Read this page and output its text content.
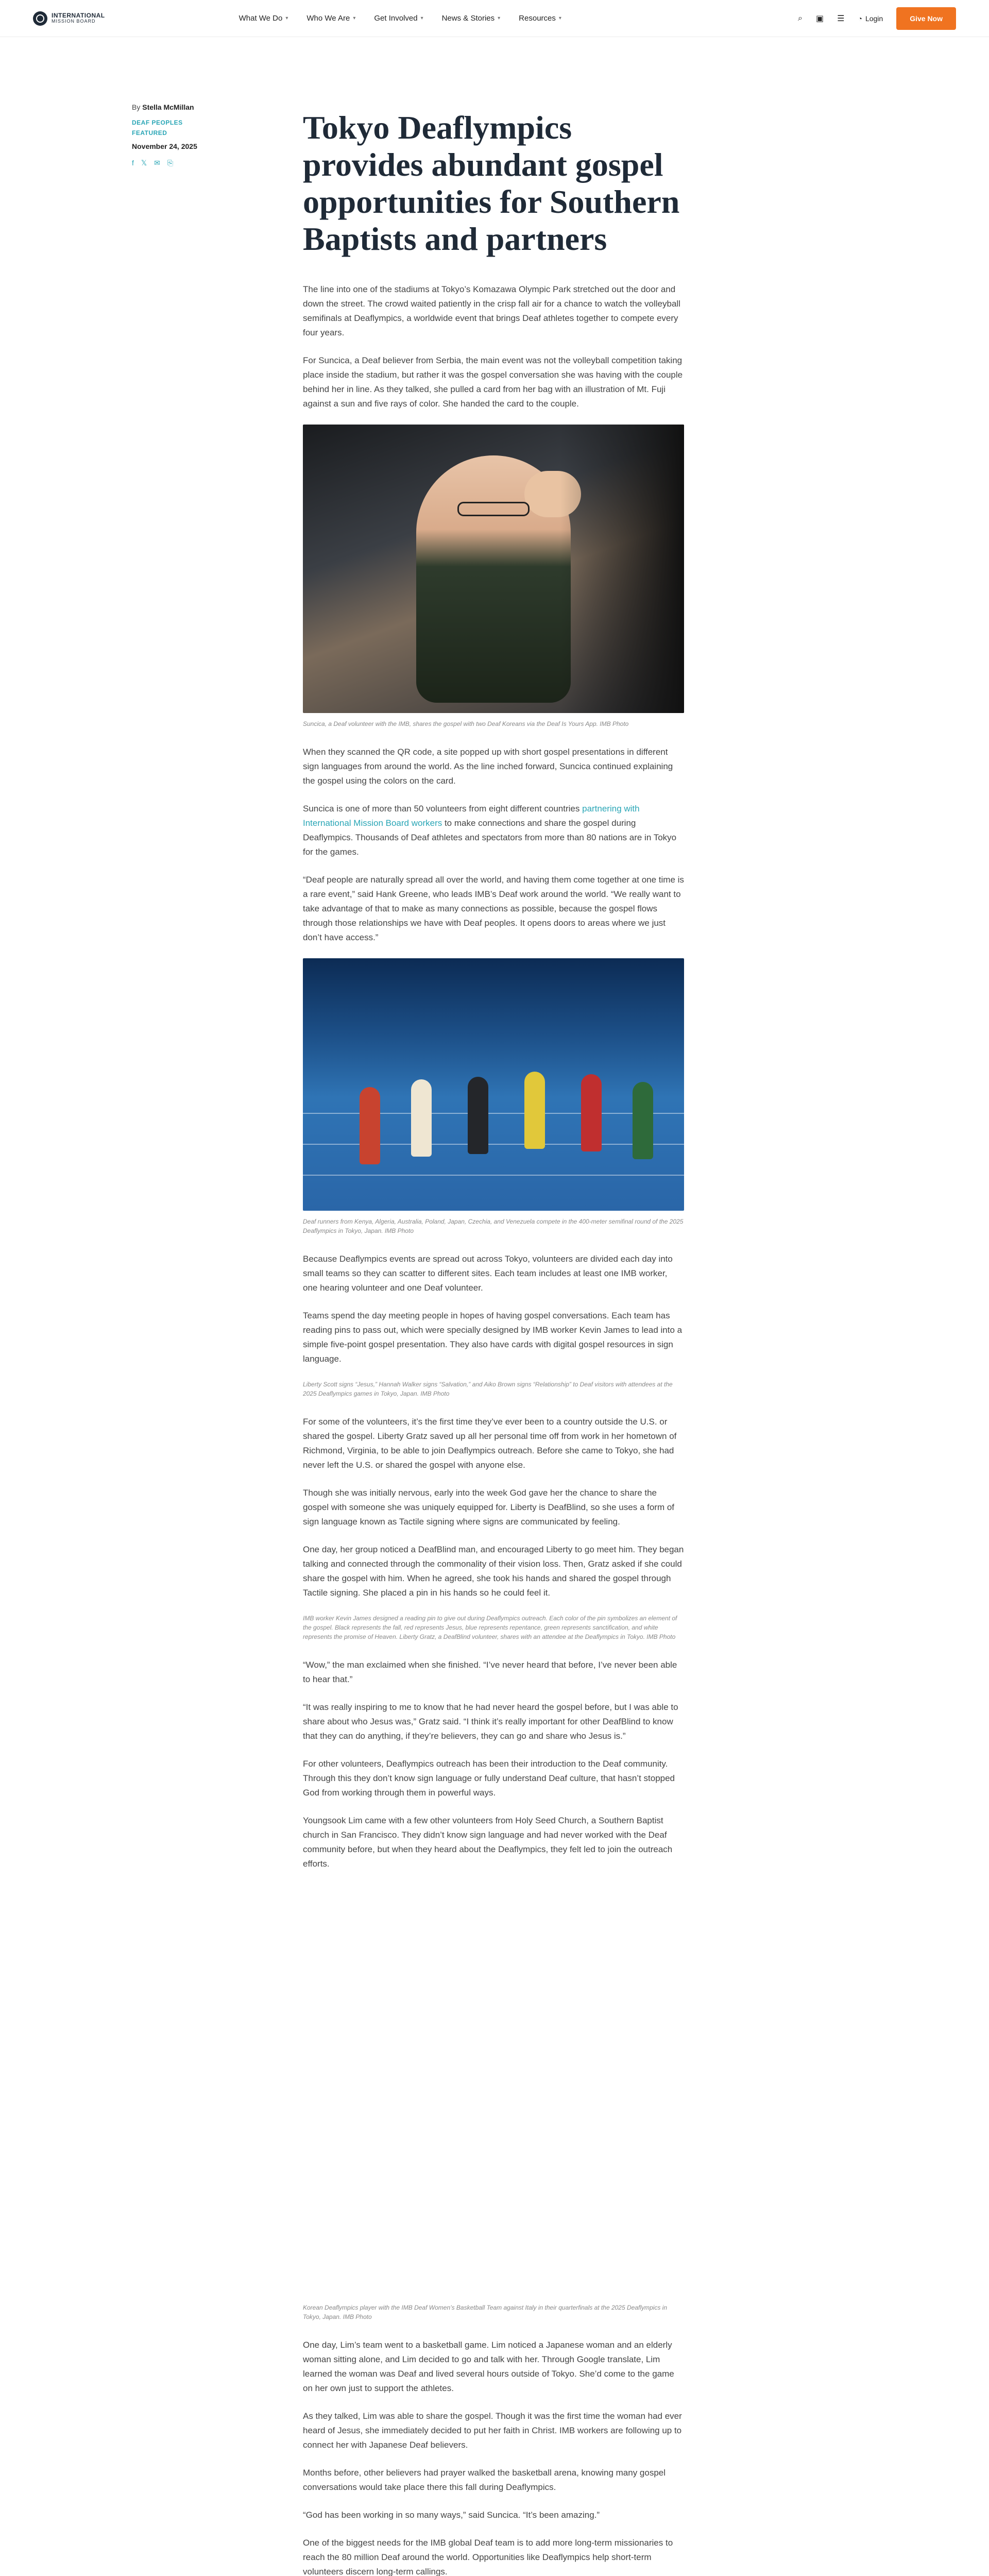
INTERNATIONAL
MISSION BOARD	What We Do ▾ Who We Are ▾ Get Involved ▾ News & Stories ▾ Resources ▾	⌕ ▣ ☰ ◔ Login	Give Now
By Stella McMillan
DEAF PEOPLES
FEATURED
November 24, 2025
f 𝕏 ✉ ⎘
Tokyo Deaflympics provides abundant gospel opportunities for Southern Baptists and partners

The line into one of the stadiums at Tokyo’s Komazawa Olympic Park stretched out the door and down the street. The crowd waited patiently in the crisp fall air for a chance to watch the volleyball semifinals at Deaflympics, a worldwide event that brings Deaf athletes together to compete every four years.

For Suncica, a Deaf believer from Serbia, the main event was not the volleyball competition taking place inside the stadium, but rather it was the gospel conversation she was having with the couple behind her in line. As they talked, she pulled a card from her bag with an illustration of Mt. Fuji against a sun and five rays of color. She handed the card to the couple.

Suncica, a Deaf volunteer with the IMB, shares the gospel with two Deaf Koreans via the Deaf Is Yours App. IMB Photo

When they scanned the QR code, a site popped up with short gospel presentations in different sign languages from around the world. As the line inched forward, Suncica continued explaining the gospel using the colors on the card.

Suncica is one of more than 50 volunteers from eight different countries partnering with International Mission Board workers to make connections and share the gospel during Deaflympics. Thousands of Deaf athletes and spectators from more than 80 nations are in Tokyo for the games.

“Deaf people are naturally spread all over the world, and having them come together at one time is a rare event,” said Hank Greene, who leads IMB’s Deaf work around the world. “We really want to take advantage of that to make as many connections as possible, because the gospel flows through those relationships we have with Deaf peoples. It opens doors to areas where we just don’t have access.”

Deaf runners from Kenya, Algeria, Australia, Poland, Japan, Czechia, and Venezuela compete in the 400-meter semifinal round of the 2025 Deaflympics in Tokyo, Japan. IMB Photo

Because Deaflympics events are spread out across Tokyo, volunteers are divided each day into small teams so they can scatter to different sites. Each team includes at least one IMB worker, one hearing volunteer and one Deaf volunteer.

Teams spend the day meeting people in hopes of having gospel conversations. Each team has reading pins to pass out, which were specially designed by IMB worker Kevin James to lead into a simple five-point gospel presentation. They also have cards with digital gospel resources in sign language.

Liberty Scott signs “Jesus,” Hannah Walker signs “Salvation,” and Aiko Brown signs “Relationship” to Deaf visitors with attendees at the 2025 Deaflympics games in Tokyo, Japan. IMB Photo

For some of the volunteers, it’s the first time they’ve ever been to a country outside the U.S. or shared the gospel. Liberty Gratz saved up all her personal time off from work in her hometown of Richmond, Virginia, to be able to join Deaflympics outreach. Before she came to Tokyo, she had never left the U.S. or shared the gospel with anyone else.

Though she was initially nervous, early into the week God gave her the chance to share the gospel with someone she was uniquely equipped for. Liberty is DeafBlind, so she uses a form of sign language known as Tactile signing where signs are communicated by feeling.

One day, her group noticed a DeafBlind man, and encouraged Liberty to go meet him. They began talking and connected through the commonality of their vision loss. Then, Gratz asked if she could share the gospel with him. When he agreed, she took his hands and shared the gospel through Tactile signing. She placed a pin in his hands so he could feel it.

IMB worker Kevin James designed a reading pin to give out during Deaflympics outreach. Each color of the pin symbolizes an element of the gospel. Black represents the fall, red represents Jesus, blue represents repentance, green represents sanctification, and white represents the promise of Heaven. Liberty Gratz, a DeafBlind volunteer, shares with an attendee at the Deaflympics in Tokyo. IMB Photo

“Wow,” the man exclaimed when she finished. “I’ve never heard that before, I’ve never been able to hear that.”

“It was really inspiring to me to know that he had never heard the gospel before, but I was able to share about who Jesus was,” Gratz said. “I think it’s really important for other DeafBlind to know that they can do anything, if they’re believers, they can go and share who Jesus is.”

For other volunteers, Deaflympics outreach has been their introduction to the Deaf community. Through this they don’t know sign language or fully understand Deaf culture, that hasn’t stopped God from working through them in powerful ways.

Youngsook Lim came with a few other volunteers from Holy Seed Church, a Southern Baptist church in San Francisco. They didn’t know sign language and had never worked with the Deaf community before, but when they heard about the Deaflympics, they felt led to join the outreach efforts.

Korean Deaflympics player with the IMB Deaf Women’s Basketball Team against Italy in their quarterfinals at the 2025 Deaflympics in Tokyo, Japan. IMB Photo

One day, Lim’s team went to a basketball game. Lim noticed a Japanese woman and an elderly woman sitting alone, and Lim decided to go and talk with her. Through Google translate, Lim learned the woman was Deaf and lived several hours outside of Tokyo. She’d come to the game on her own just to support the athletes.

As they talked, Lim was able to share the gospel. Though it was the first time the woman had ever heard of Jesus, she immediately decided to put her faith in Christ. IMB workers are following up to connect her with Japanese Deaf believers.

Months before, other believers had prayer walked the basketball arena, knowing many gospel conversations would take place there this fall during Deaflympics.

“God has been working in so many ways,” said Suncica. “It’s been amazing.”

One of the biggest needs for the IMB global Deaf team is to add more long-term missionaries to reach the 80 million Deaf around the world. Opportunities like Deaflympics help short-term volunteers discern long-term callings.
